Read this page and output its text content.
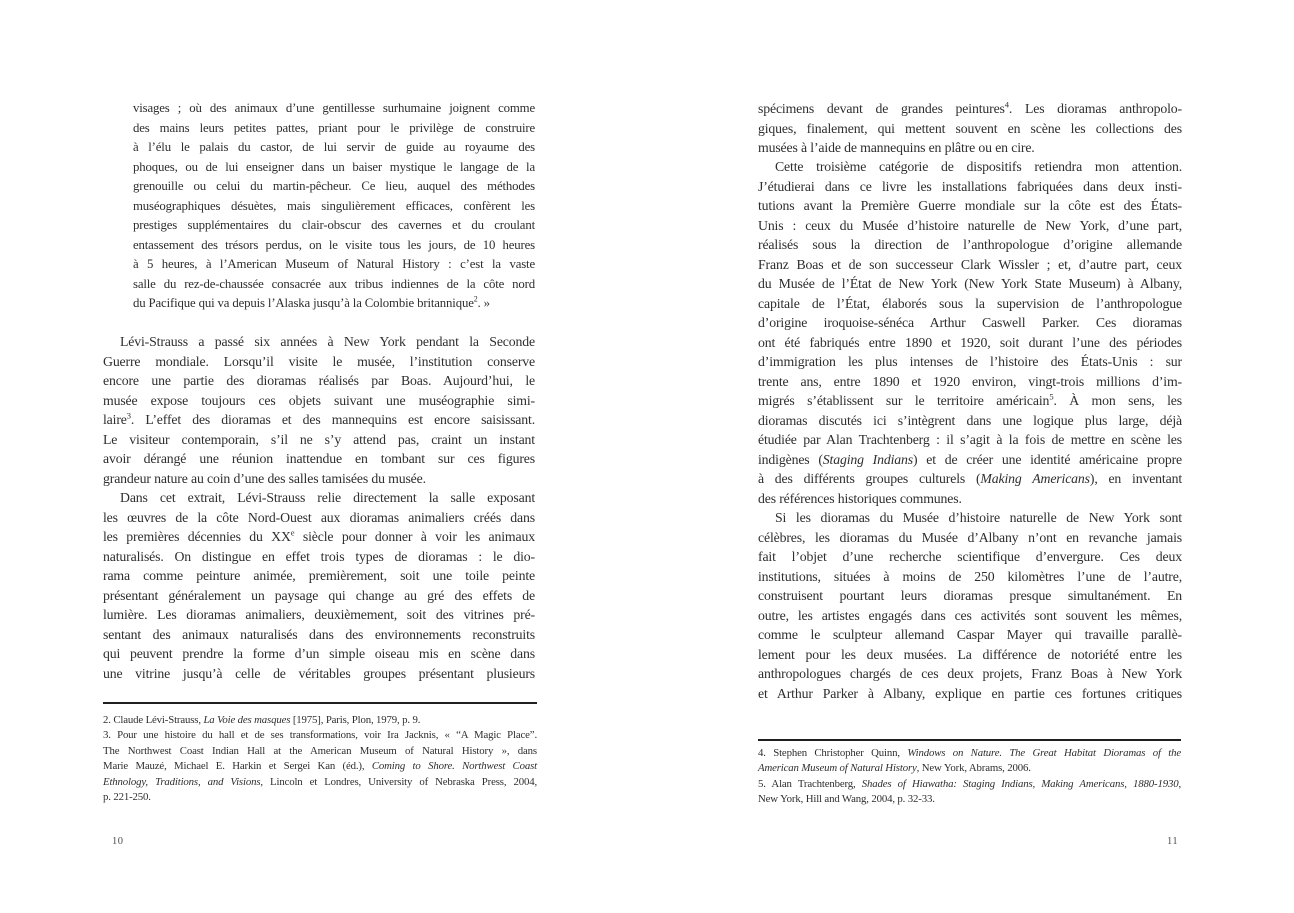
visages ; où des animaux d’une gentillesse surhumaine joignent comme
des mains leurs petites pattes, priant pour le privilège de construire
à l’élu le palais du castor, de lui servir de guide au royaume des
phoques, ou de lui enseigner dans un baiser mystique le langage de la
grenouille ou celui du martin-pêcheur. Ce lieu, auquel des méthodes
muséographiques désuètes, mais singulièrement efficaces, confèrent les
prestiges supplémentaires du clair-obscur des cavernes et du croulant
entassement des trésors perdus, on le visite tous les jours, de 10 heures
à 5 heures, à l’American Museum of Natural History : c’est la vaste
salle du rez-de-chaussée consacrée aux tribus indiennes de la côte nord
du Pacifique qui va depuis l’Alaska jusqu’à la Colombie britannique$^2$. »
Lévi-Strauss a passé six années à New York pendant la Seconde
Guerre mondiale. Lorsqu’il visite le musée, l’institution conserve
encore une partie des dioramas réalisés par Boas. Aujourd’hui, le
musée expose toujours ces objets suivant une muséographie simi-
laire$^3$. L’effet des dioramas et des mannequins est encore saisissant.
Le visiteur contemporain, s’il ne s’y attend pas, craint un instant
avoir dérangé une réunion inattendue en tombant sur ces figures
grandeur nature au coin d’une des salles tamisées du musée.
Dans cet extrait, Lévi-Strauss relie directement la salle exposant
les œuvres de la côte Nord-Ouest aux dioramas animaliers créés dans
les premières décennies du XXe siècle pour donner à voir les animaux
naturalisés. On distingue en effet trois types de dioramas : le dio-
rama comme peinture animée, premièrement, soit une toile peinte
présentant généralement un paysage qui change au gré des effets de
lumière. Les dioramas animaliers, deuxièmement, soit des vitrines pré-
sentant des animaux naturalisés dans des environnements reconstruits
qui peuvent prendre la forme d’un simple oiseau mis en scène dans
une vitrine jusqu’à celle de véritables groupes présentant plusieurs
2. Claude Lévi-Strauss, La Voie des masques [1975], Paris, Plon, 1979, p. 9.
3. Pour une histoire du hall et de ses transformations, voir Ira Jacknis, « “A Magic Place”.
The Northwest Coast Indian Hall at the American Museum of Natural History », dans
Marie Mauzé, Michael E. Harkin et Sergei Kan (éd.), Coming to Shore. Northwest Coast
Ethnology, Traditions, and Visions, Lincoln et Londres, University of Nebraska Press, 2004,
p. 221-250.
10
spécimens devant de grandes peintures$^4$. Les dioramas anthropolo-
giques, finalement, qui mettent souvent en scène les collections des
musées à l’aide de mannequins en plâtre ou en cire.
Cette troisième catégorie de dispositifs retiendra mon attention.
J’étudierai dans ce livre les installations fabriquées dans deux insti-
tutions avant la Première Guerre mondiale sur la côte est des États-
Unis : ceux du Musée d’histoire naturelle de New York, d’une part,
réalisés sous la direction de l’anthropologue d’origine allemande
Franz Boas et de son successeur Clark Wissler ; et, d’autre part, ceux
du Musée de l’État de New York (New York State Museum) à Albany,
capitale de l’État, élaborés sous la supervision de l’anthropologue
d’origine iroquoise-sénéca Arthur Caswell Parker. Ces dioramas
ont été fabriqués entre 1890 et 1920, soit durant l’une des périodes
d’immigration les plus intenses de l’histoire des États-Unis : sur
trente ans, entre 1890 et 1920 environ, vingt-trois millions d’im-
migrés s’établissent sur le territoire américain$^5$. À mon sens, les
dioramas discutés ici s’intègrent dans une logique plus large, déjà
étudiée par Alan Trachtenberg : il s’agit à la fois de mettre en scène les
indigènes (Staging Indians) et de créer une identité américaine propre
à des différents groupes culturels (Making Americans), en inventant
des références historiques communes.
Si les dioramas du Musée d’histoire naturelle de New York sont
célèbres, les dioramas du Musée d’Albany n’ont en revanche jamais
fait l’objet d’une recherche scientifique d’envergure. Ces deux
institutions, situées à moins de 250 kilomètres l’une de l’autre,
construisent pourtant leurs dioramas presque simultanément. En
outre, les artistes engagés dans ces activités sont souvent les mêmes,
comme le sculpteur allemand Caspar Mayer qui travaille parallè-
lement pour les deux musées. La différence de notoriété entre les
anthropologues chargés de ces deux projets, Franz Boas à New York
et Arthur Parker à Albany, explique en partie ces fortunes critiques
4. Stephen Christopher Quinn, Windows on Nature. The Great Habitat Dioramas of the
American Museum of Natural History, New York, Abrams, 2006.
5. Alan Trachtenberg, Shades of Hiawatha: Staging Indians, Making Americans, 1880-1930,
New York, Hill and Wang, 2004, p. 32-33.
11
